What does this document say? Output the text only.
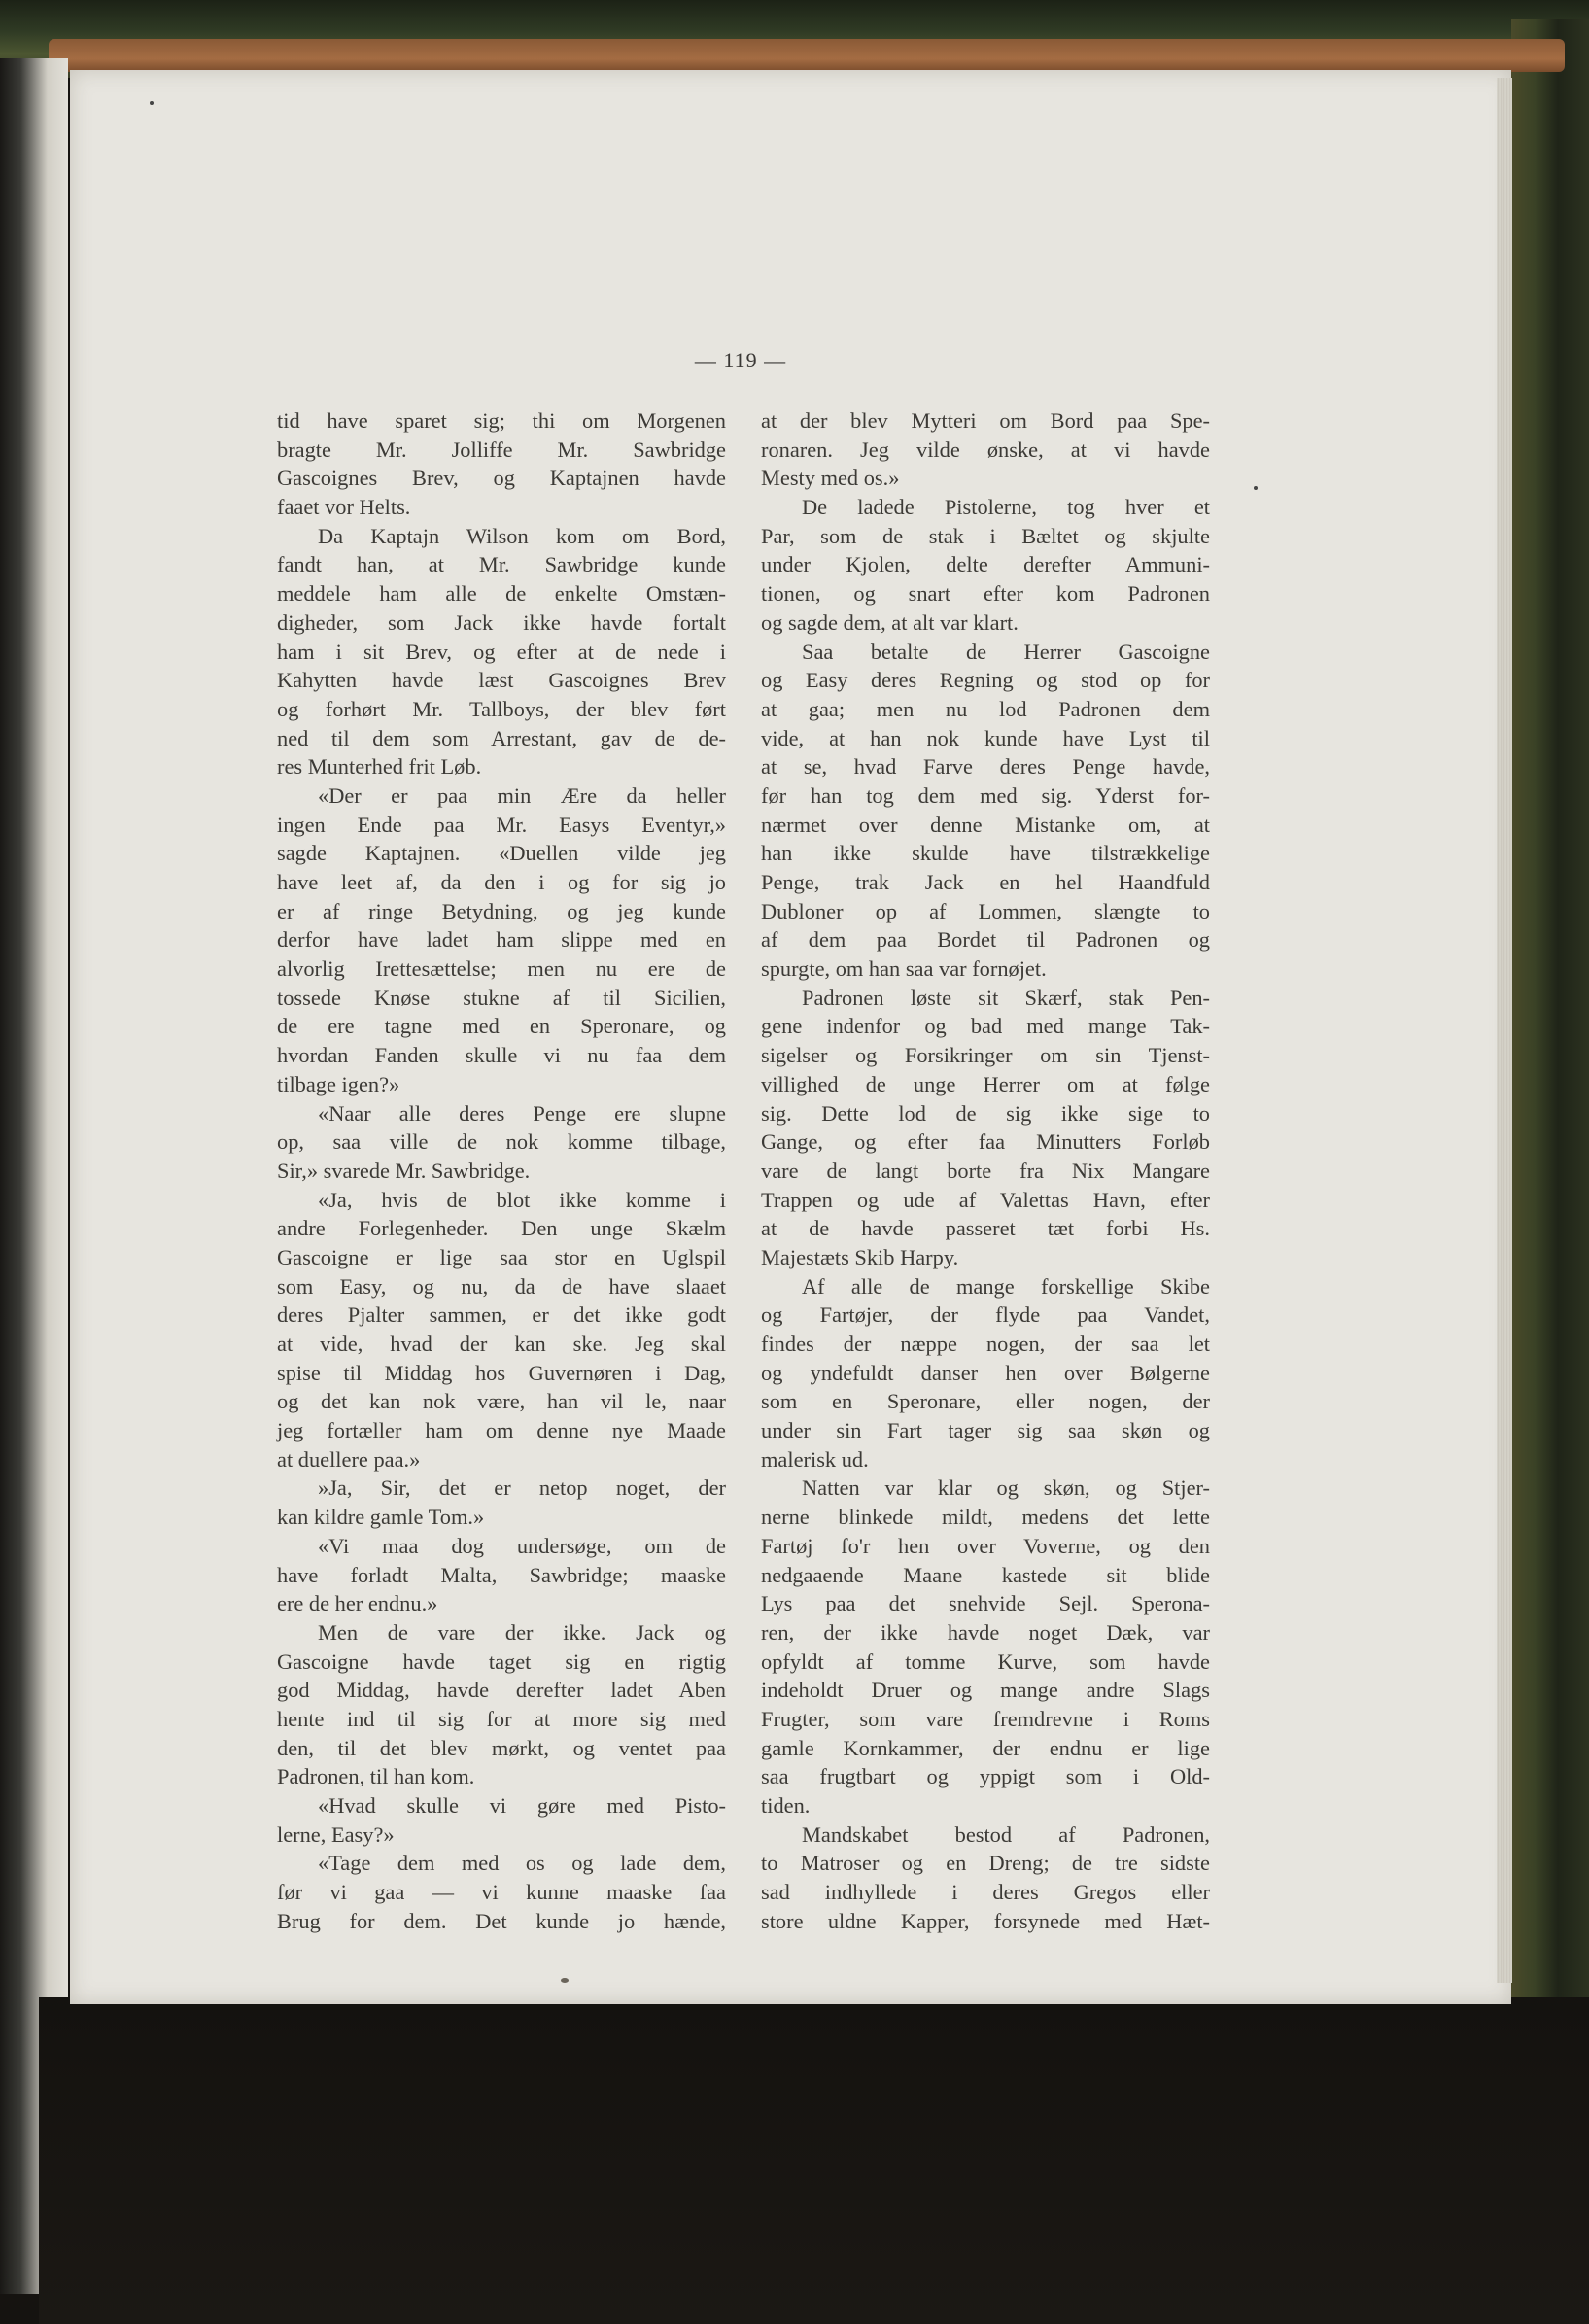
— 119 —
tid have sparet sig; thi om Morgenen
bragte Mr. Jolliffe Mr. Sawbridge
Gascoignes Brev, og Kaptajnen havde
faaet vor Helts.
Da Kaptajn Wilson kom om Bord,
fandt han, at Mr. Sawbridge kunde
meddele ham alle de enkelte Omstæn-
digheder, som Jack ikke havde fortalt
ham i sit Brev, og efter at de nede i
Kahytten havde læst Gascoignes Brev
og forhørt Mr. Tallboys, der blev ført
ned til dem som Arrestant, gav de de-
res Munterhed frit Løb.
«Der er paa min Ære da heller
ingen Ende paa Mr. Easys Eventyr,»
sagde Kaptajnen. «Duellen vilde jeg
have leet af, da den i og for sig jo
er af ringe Betydning, og jeg kunde
derfor have ladet ham slippe med en
alvorlig Irettesættelse; men nu ere de
tossede Knøse stukne af til Sicilien,
de ere tagne med en Speronare, og
hvordan Fanden skulle vi nu faa dem
tilbage igen?»
«Naar alle deres Penge ere slupne
op, saa ville de nok komme tilbage,
Sir,» svarede Mr. Sawbridge.
«Ja, hvis de blot ikke komme i
andre Forlegenheder. Den unge Skælm
Gascoigne er lige saa stor en Uglspil
som Easy, og nu, da de have slaaet
deres Pjalter sammen, er det ikke godt
at vide, hvad der kan ske. Jeg skal
spise til Middag hos Guvernøren i Dag,
og det kan nok være, han vil le, naar
jeg fortæller ham om denne nye Maade
at duellere paa.»
»Ja, Sir, det er netop noget, der
kan kildre gamle Tom.»
«Vi maa dog undersøge, om de
have forladt Malta, Sawbridge; maaske
ere de her endnu.»
Men de vare der ikke. Jack og
Gascoigne havde taget sig en rigtig
god Middag, havde derefter ladet Aben
hente ind til sig for at more sig med
den, til det blev mørkt, og ventet paa
Padronen, til han kom.
«Hvad skulle vi gøre med Pisto-
lerne, Easy?»
«Tage dem med os og lade dem,
før vi gaa — vi kunne maaske faa
Brug for dem. Det kunde jo hænde,
at der blev Mytteri om Bord paa Spe-
ronaren. Jeg vilde ønske, at vi havde
Mesty med os.»
De ladede Pistolerne, tog hver et
Par, som de stak i Bæltet og skjulte
under Kjolen, delte derefter Ammuni-
tionen, og snart efter kom Padronen
og sagde dem, at alt var klart.
Saa betalte de Herrer Gascoigne
og Easy deres Regning og stod op for
at gaa; men nu lod Padronen dem
vide, at han nok kunde have Lyst til
at se, hvad Farve deres Penge havde,
før han tog dem med sig. Yderst for-
nærmet over denne Mistanke om, at
han ikke skulde have tilstrækkelige
Penge, trak Jack en hel Haandfuld
Dubloner op af Lommen, slængte to
af dem paa Bordet til Padronen og
spurgte, om han saa var fornøjet.
Padronen løste sit Skærf, stak Pen-
gene indenfor og bad med mange Tak-
sigelser og Forsikringer om sin Tjenst-
villighed de unge Herrer om at følge
sig. Dette lod de sig ikke sige to
Gange, og efter faa Minutters Forløb
vare de langt borte fra Nix Mangare
Trappen og ude af Valettas Havn, efter
at de havde passeret tæt forbi Hs.
Majestæts Skib Harpy.
Af alle de mange forskellige Skibe
og Fartøjer, der flyde paa Vandet,
findes der næppe nogen, der saa let
og yndefuldt danser hen over Bølgerne
som en Speronare, eller nogen, der
under sin Fart tager sig saa skøn og
malerisk ud.
Natten var klar og skøn, og Stjer-
nerne blinkede mildt, medens det lette
Fartøj fo'r hen over Voverne, og den
nedgaaende Maane kastede sit blide
Lys paa det snehvide Sejl. Sperona-
ren, der ikke havde noget Dæk, var
opfyldt af tomme Kurve, som havde
indeholdt Druer og mange andre Slags
Frugter, som vare fremdrevne i Roms
gamle Kornkammer, der endnu er lige
saa frugtbart og yppigt som i Old-
tiden.
Mandskabet bestod af Padronen,
to Matroser og en Dreng; de tre sidste
sad indhyllede i deres Gregos eller
store uldne Kapper, forsynede med Hæt-
